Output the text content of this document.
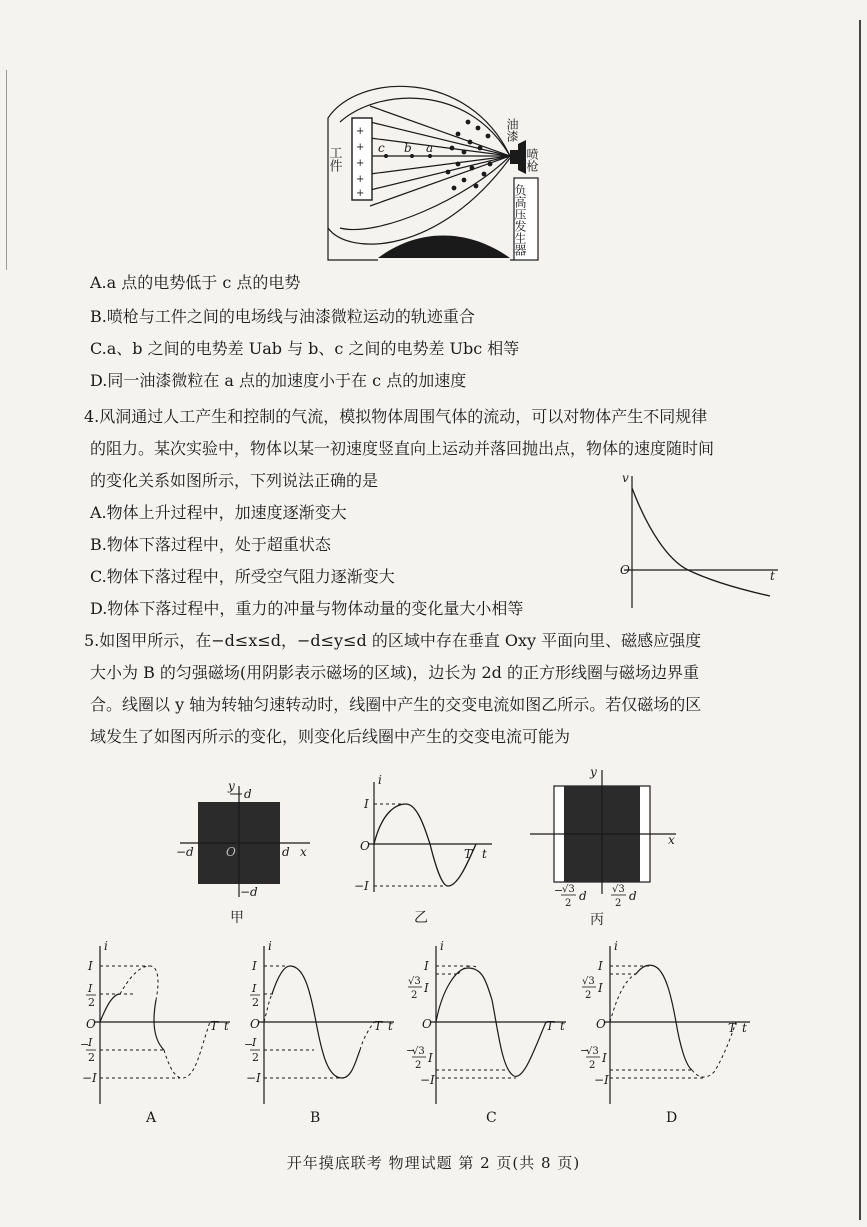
+
+
+
+
+
工件	c b a
油漆
喷枪
负高压发生器
A.a 点的电势低于 c 点的电势
B.喷枪与工件之间的电场线与油漆微粒运动的轨迹重合
C.a、b 之间的电势差 Uab 与 b、c 之间的电势差 Ubc 相等
D.同一油漆微粒在 a 点的加速度小于在 c 点的加速度
4.风洞通过人工产生和控制的气流，模拟物体周围气体的流动，可以对物体产生不同规律
的阻力。某次实验中，物体以某一初速度竖直向上运动并落回抛出点，物体的速度随时间
的变化关系如图所示，下列说法正确的是
A.物体上升过程中，加速度逐渐变大
B.物体下落过程中，处于超重状态
C.物体下落过程中，所受空气阻力逐渐变大
D.物体下落过程中，重力的冲量与物体动量的变化量大小相等
v
t
O
5.如图甲所示，在−d≤x≤d，−d≤y≤d 的区域中存在垂直 Oxy 平面向里、磁感应强度
大小为 B 的匀强磁场(用阴影表示磁场的区域)，边长为 2d 的正方形线圈与磁场边界重
合。线圈以 y 轴为转轴匀速转动时，线圈中产生的交变电流如图乙所示。若仅磁场的区
域发生了如图丙所示的变化，则变化后线圈中产生的交变电流可能为
y
d
−d	d x
O
−d
甲
i
I
O
T t
−I
乙
y
x
−
√3
2
d	√3
2
d
丙
i
I
I
2
O	T t
−
I
2
−I
A
i
I
I
2
O	T t
−
I
2
−I
B
i
I
√3
2
I
O	T t
−
√3
2
I
−I
C
i
I
√3
2
I
O	T t
−
√3
2
I
−I
D
开年摸底联考 物理试题 第 2 页(共 8 页)
